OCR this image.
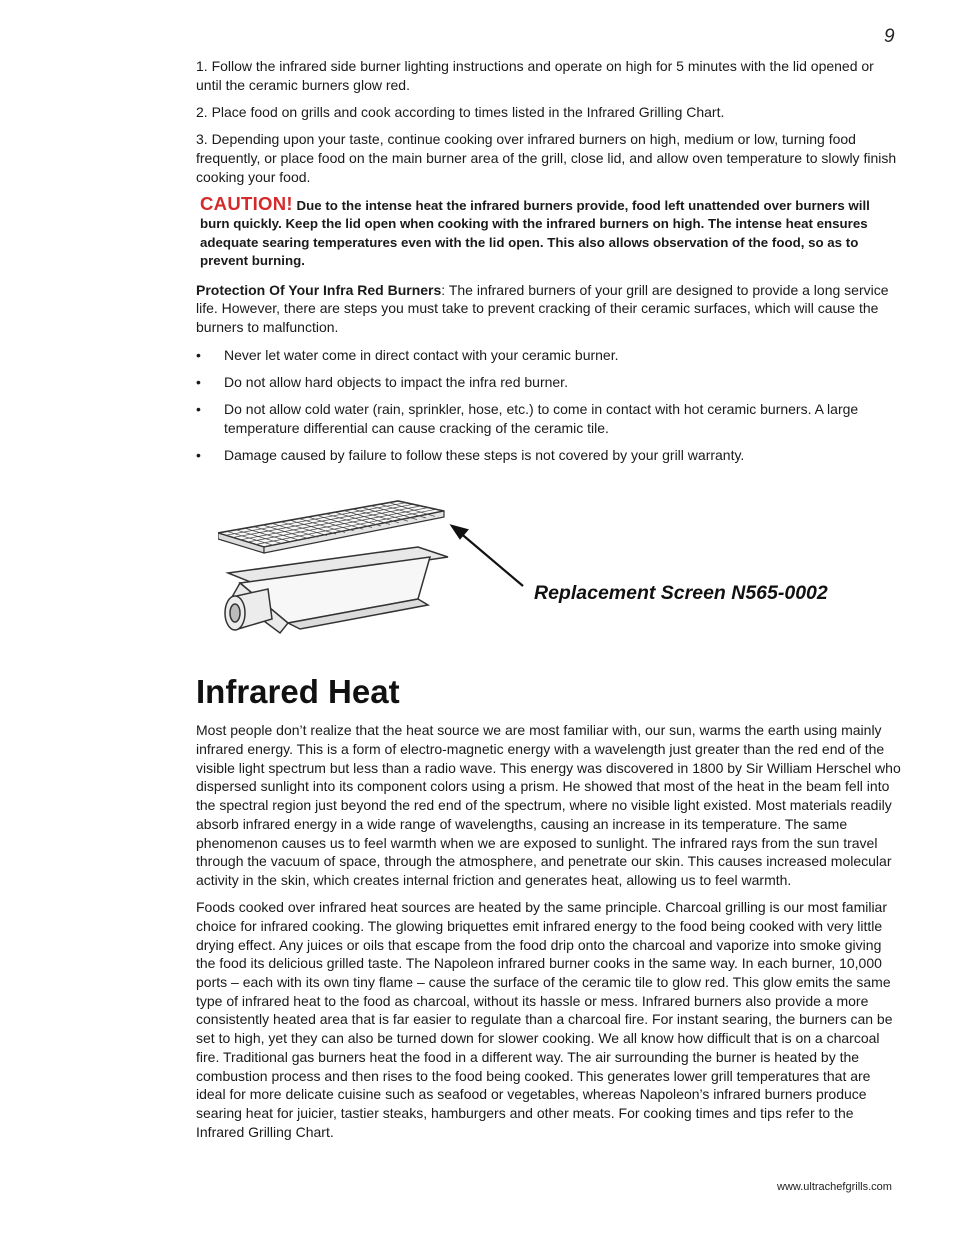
9

1. Follow the infrared side burner lighting instructions and operate on high for 5 minutes with the lid opened or until the ceramic burners glow red.

2. Place food on grills and cook according to times listed in the Infrared Grilling Chart.

3. Depending upon your taste, continue cooking over infrared burners on high, medium or low, turning food frequently, or place food on the main burner area of the grill, close lid, and allow oven temperature to slowly finish cooking your food.

CAUTION! Due to the intense heat the infrared burners provide, food left unattended over burners will burn quickly. Keep the lid open when cooking with the infrared burners on high. The intense heat ensures adequate searing temperatures even with the lid open. This also allows observation of the food, so as to prevent burning.

Protection Of Your Infra Red Burners: The infrared burners of your grill are designed to provide a long service life. However, there are steps you must take to prevent cracking of their ceramic surfaces, which will cause the burners to malfunction.

• Never let water come in direct contact with your ceramic burner.
• Do not allow hard objects to impact the infra red burner.
• Do not allow cold water (rain, sprinkler, hose, etc.) to come in contact with hot ceramic burners. A large temperature differential can cause cracking of the ceramic tile.
• Damage caused by failure to follow these steps is not covered by your grill warranty.
Replacement Screen N565-0002
Infrared Heat

Most people don’t realize that the heat source we are most familiar with, our sun, warms the earth using mainly infrared energy. This is a form of electro-magnetic energy with a wavelength just greater than the red end of the visible light spectrum but less than a radio wave. This energy was discovered in 1800 by Sir William Herschel who dispersed sunlight into its component colors using a prism. He showed that most of the heat in the beam fell into the spectral region just beyond the red end of the spectrum, where no visible light existed. Most materials readily absorb infrared energy in a wide range of wavelengths, causing an increase in its temperature. The same phenomenon causes us to feel warmth when we are exposed to sunlight. The infrared rays from the sun travel through the vacuum of space, through the atmosphere, and penetrate our skin. This causes increased molecular activity in the skin, which creates internal friction and generates heat, allowing us to feel warmth.

Foods cooked over infrared heat sources are heated by the same principle. Charcoal grilling is our most familiar choice for infrared cooking. The glowing briquettes emit infrared energy to the food being cooked with very little drying effect. Any juices or oils that escape from the food drip onto the charcoal and vaporize into smoke giving the food its delicious grilled taste. The Napoleon infrared burner cooks in the same way. In each burner, 10,000 ports – each with its own tiny flame – cause the surface of the ceramic tile to glow red. This glow emits the same type of infrared heat to the food as charcoal, without its hassle or mess. Infrared burners also provide a more consistently heated area that is far easier to regulate than a charcoal fire. For instant searing, the burners can be set to high, yet they can also be turned down for slower cooking. We all know how difficult that is on a charcoal fire. Traditional gas burners heat the food in a different way. The air surrounding the burner is heated by the combustion process and then rises to the food being cooked. This generates lower grill temperatures that are ideal for more delicate cuisine such as seafood or vegetables, whereas Napoleon’s infrared burners produce searing heat for juicier, tastier steaks, hamburgers and other meats. For cooking times and tips refer to the Infrared Grilling Chart.

www.ultrachefgrills.com
